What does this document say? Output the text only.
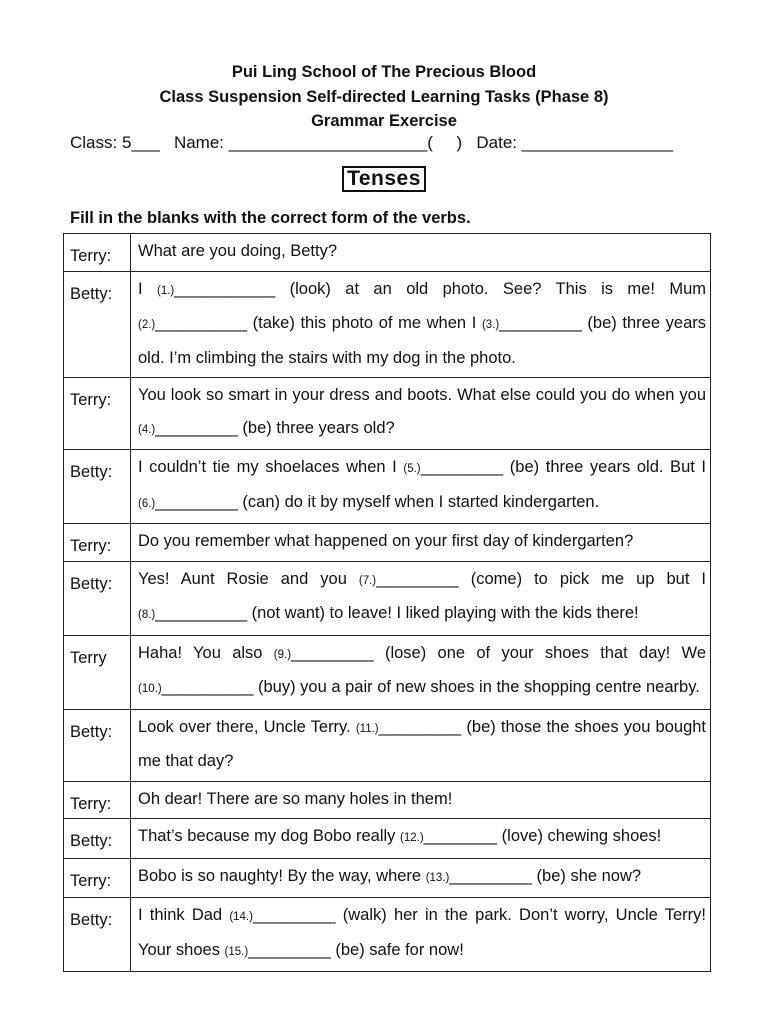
Pui Ling School of The Precious Blood
Class Suspension Self-directed Learning Tasks (Phase 8)
Grammar Exercise
Class: 5___   Name: _____________________(     )   Date: ________________
Tenses
Fill in the blanks with the correct form of the verbs.
Terry:	What are you doing, Betty?
Betty:	I (1.)___________ (look) at an old photo. See? This is me! Mum (2.)__________ (take) this photo of me when I (3.)_________ (be) three years old. I’m climbing the stairs with my dog in the photo.
Terry:	You look so smart in your dress and boots. What else could you do when you (4.)_________ (be) three years old?
Betty:	I couldn’t tie my shoelaces when I (5.)_________ (be) three years old. But I (6.)_________ (can) do it by myself when I started kindergarten.
Terry:	Do you remember what happened on your first day of kindergarten?
Betty:	Yes! Aunt Rosie and you (7.)_________ (come) to pick me up but I (8.)__________ (not want) to leave! I liked playing with the kids there!
Terry	Haha! You also (9.)_________ (lose) one of your shoes that day! We (10.)__________ (buy) you a pair of new shoes in the shopping centre nearby.
Betty:	Look over there, Uncle Terry. (11.)_________ (be) those the shoes you bought me that day?
Terry:	Oh dear! There are so many holes in them!
Betty:	That’s because my dog Bobo really (12.)________ (love) chewing shoes!
Terry:	Bobo is so naughty! By the way, where (13.)_________ (be) she now?
Betty:	I think Dad (14.)_________ (walk) her in the park. Don’t worry, Uncle Terry! Your shoes (15.)_________ (be) safe for now!
